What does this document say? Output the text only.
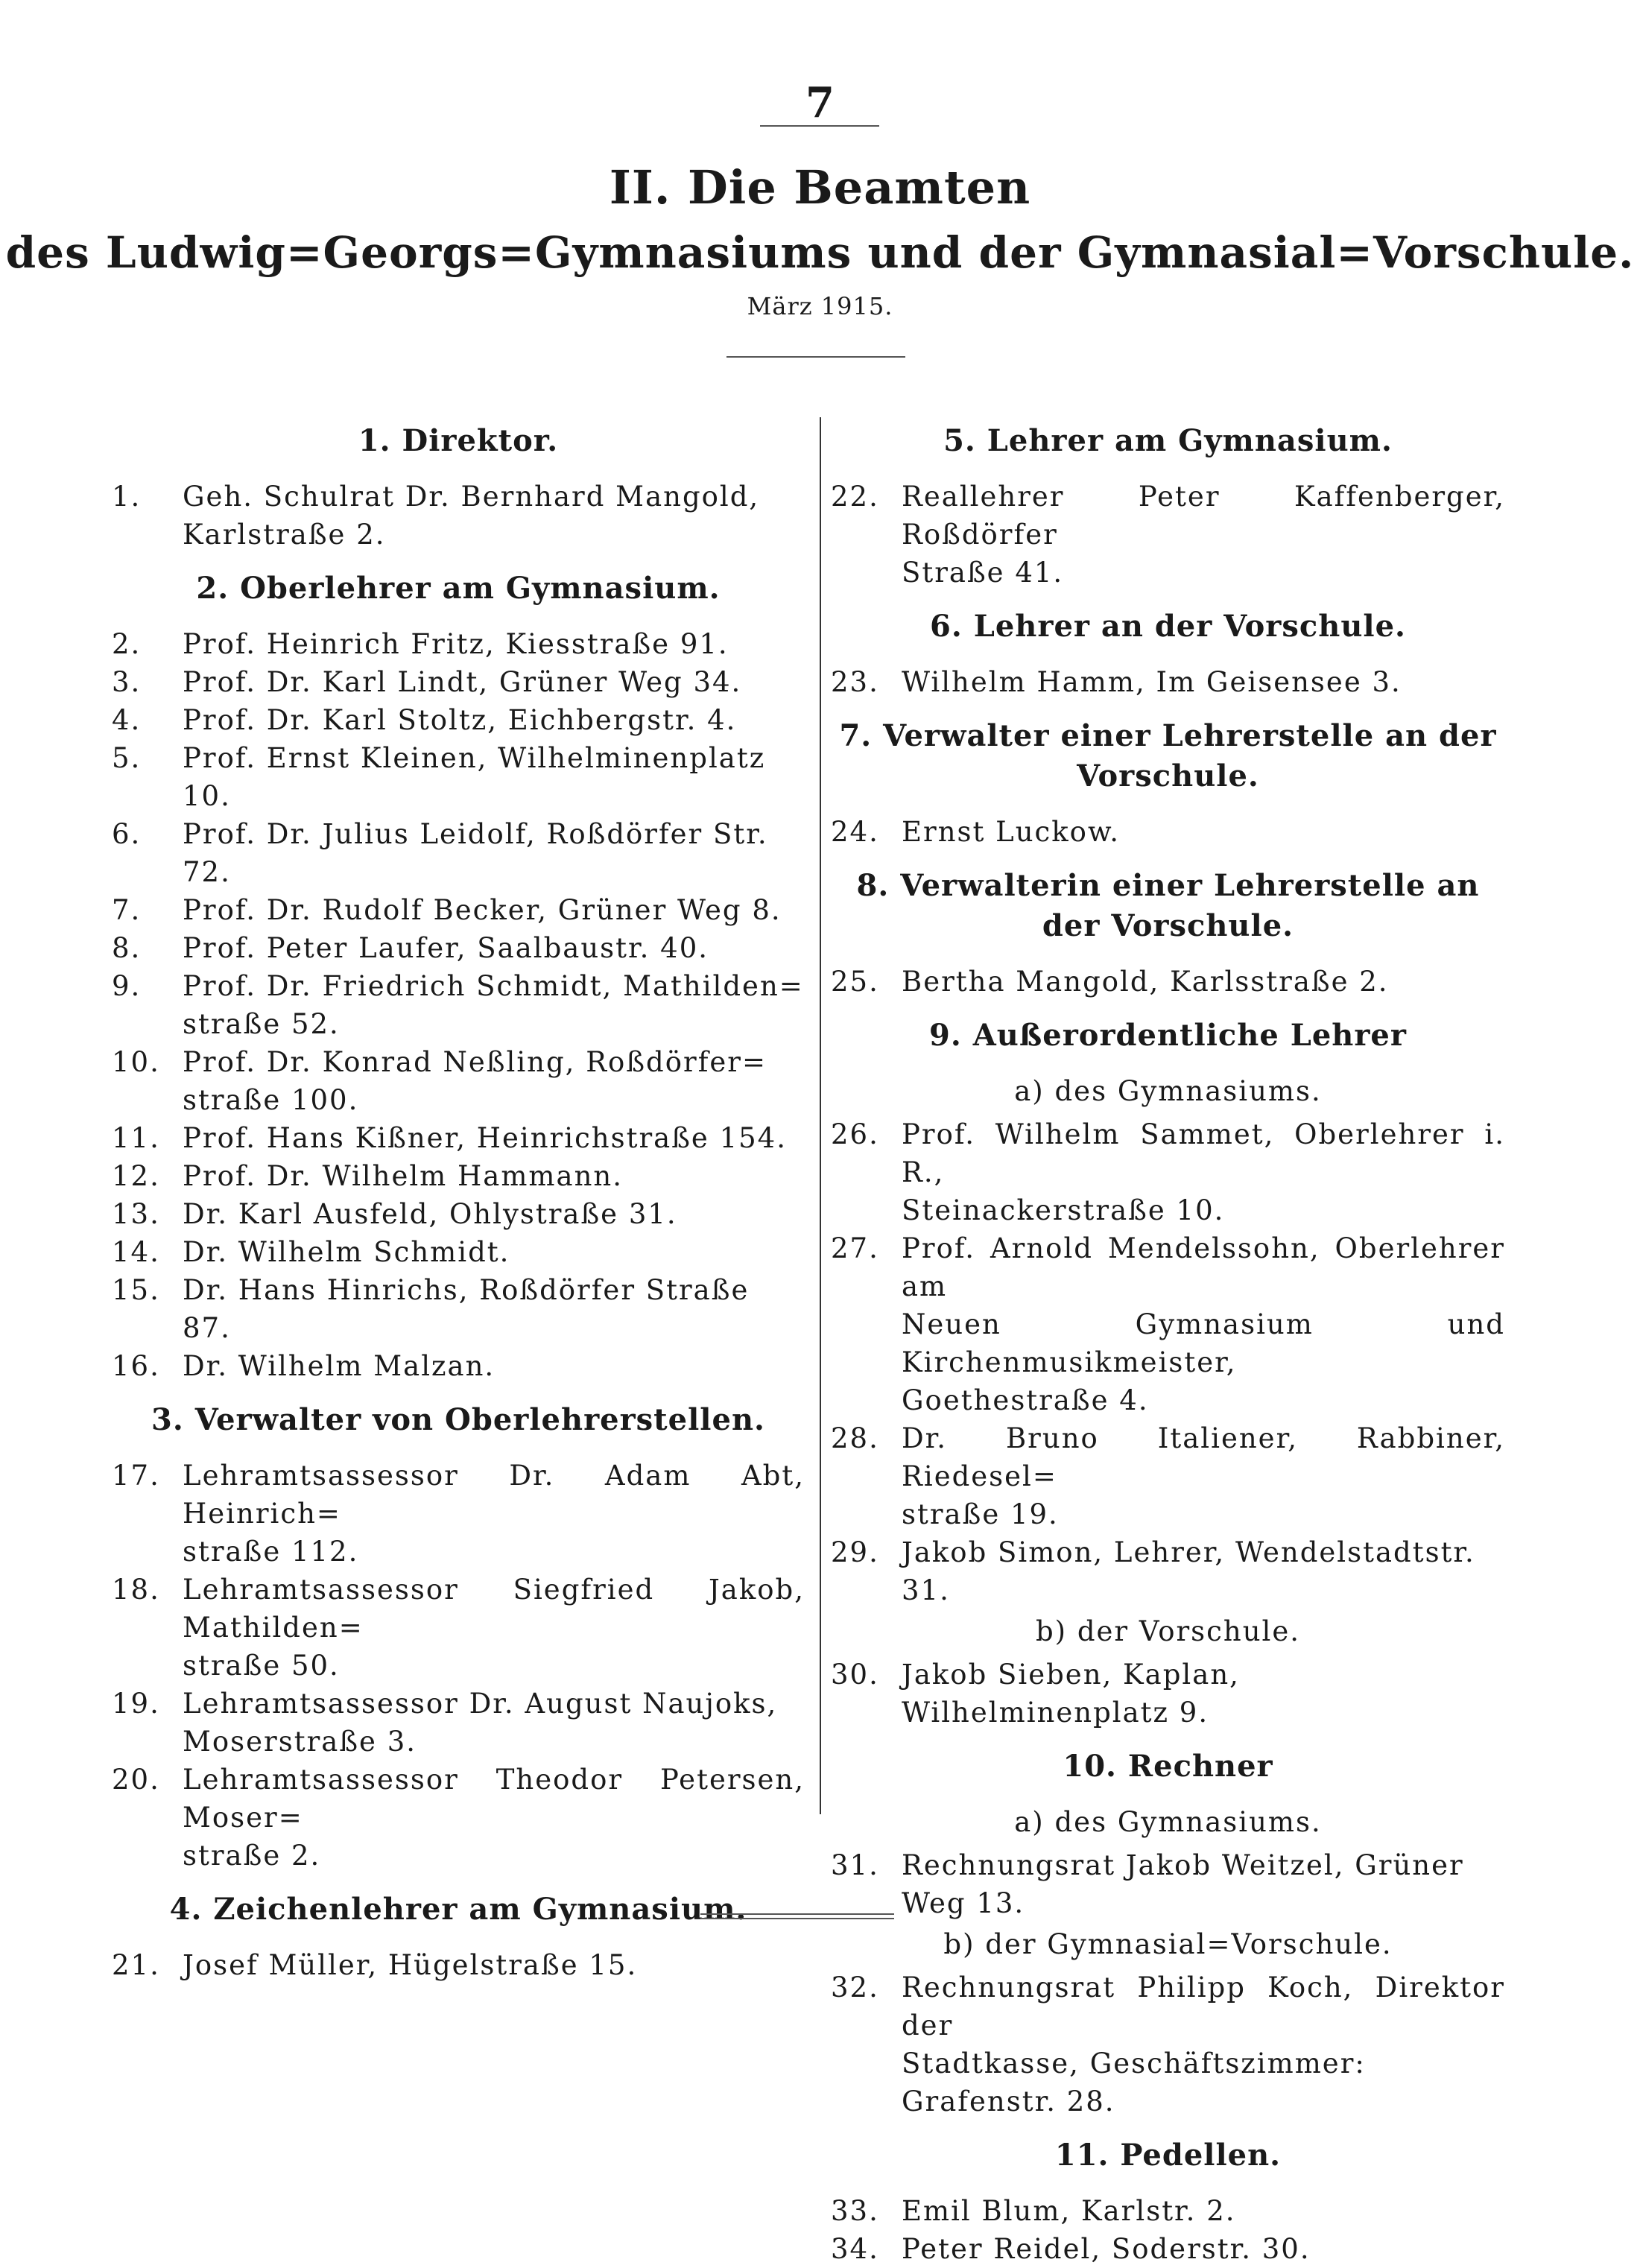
7
II. Die Beamten
des Ludwig=Georgs=Gymnasiums und der Gymnasial=Vorschule.
März 1915.
1. Direktor.
1.	Geh. Schulrat Dr. Bernhard Mangold,
Karlstraße 2.
2. Oberlehrer am Gymnasium.
2.	Prof. Heinrich Fritz, Kiesstraße 91.
3.	Prof. Dr. Karl Lindt, Grüner Weg 34.
4.	Prof. Dr. Karl Stoltz, Eichbergstr. 4.
5.	Prof. Ernst Kleinen, Wilhelminenplatz 10.
6.	Prof. Dr. Julius Leidolf, Roßdörfer Str. 72.
7.	Prof. Dr. Rudolf Becker, Grüner Weg 8.
8.	Prof. Peter Laufer, Saalbaustr. 40.
9.	Prof. Dr. Friedrich Schmidt, Mathilden=
straße 52.
10. Prof. Dr. Konrad Neßling, Roßdörfer=
straße 100.
11. Prof. Hans Kißner, Heinrichstraße 154.
12. Prof. Dr. Wilhelm Hammann.
13. Dr. Karl Ausfeld, Ohlystraße 31.
14. Dr. Wilhelm Schmidt.
15. Dr. Hans Hinrichs, Roßdörfer Straße 87.
16. Dr. Wilhelm Malzan.
3. Verwalter von Oberlehrerstellen.
17. Lehramtsassessor Dr. Adam Abt, Heinrich=
straße 112.
18. Lehramtsassessor Siegfried Jakob, Mathilden=
straße 50.
19. Lehramtsassessor Dr. August Naujoks,
Moserstraße 3.
20. Lehramtsassessor Theodor Petersen, Moser=
straße 2.
4. Zeichenlehrer am Gymnasium.
21. Josef Müller, Hügelstraße 15.
5. Lehrer am Gymnasium.
22. Reallehrer Peter Kaffenberger, Roßdörfer
Straße 41.
6. Lehrer an der Vorschule.
23. Wilhelm Hamm, Im Geisensee 3.
7. Verwalter einer Lehrerstelle an der Vorschule.
24. Ernst Luckow.
8. Verwalterin einer Lehrerstelle an der Vorschule.
25. Bertha Mangold, Karlsstraße 2.
9. Außerordentliche Lehrer
a) des Gymnasiums.
26. Prof. Wilhelm Sammet, Oberlehrer i. R.,
Steinackerstraße 10.
27. Prof. Arnold Mendelssohn, Oberlehrer am
Neuen Gymnasium und Kirchenmusikmeister,
Goethestraße 4.
28. Dr. Bruno Italiener, Rabbiner, Riedesel=
straße 19.
29. Jakob Simon, Lehrer, Wendelstadtstr. 31.
b) der Vorschule.
30. Jakob Sieben, Kaplan, Wilhelminenplatz 9.
10. Rechner
a) des Gymnasiums.
31. Rechnungsrat Jakob Weitzel, Grüner Weg 13.
b) der Gymnasial=Vorschule.
32. Rechnungsrat Philipp Koch, Direktor der
Stadtkasse, Geschäftszimmer: Grafenstr. 28.
11. Pedellen.
33. Emil Blum, Karlstr. 2.
34. Peter Reidel, Soderstr. 30.
